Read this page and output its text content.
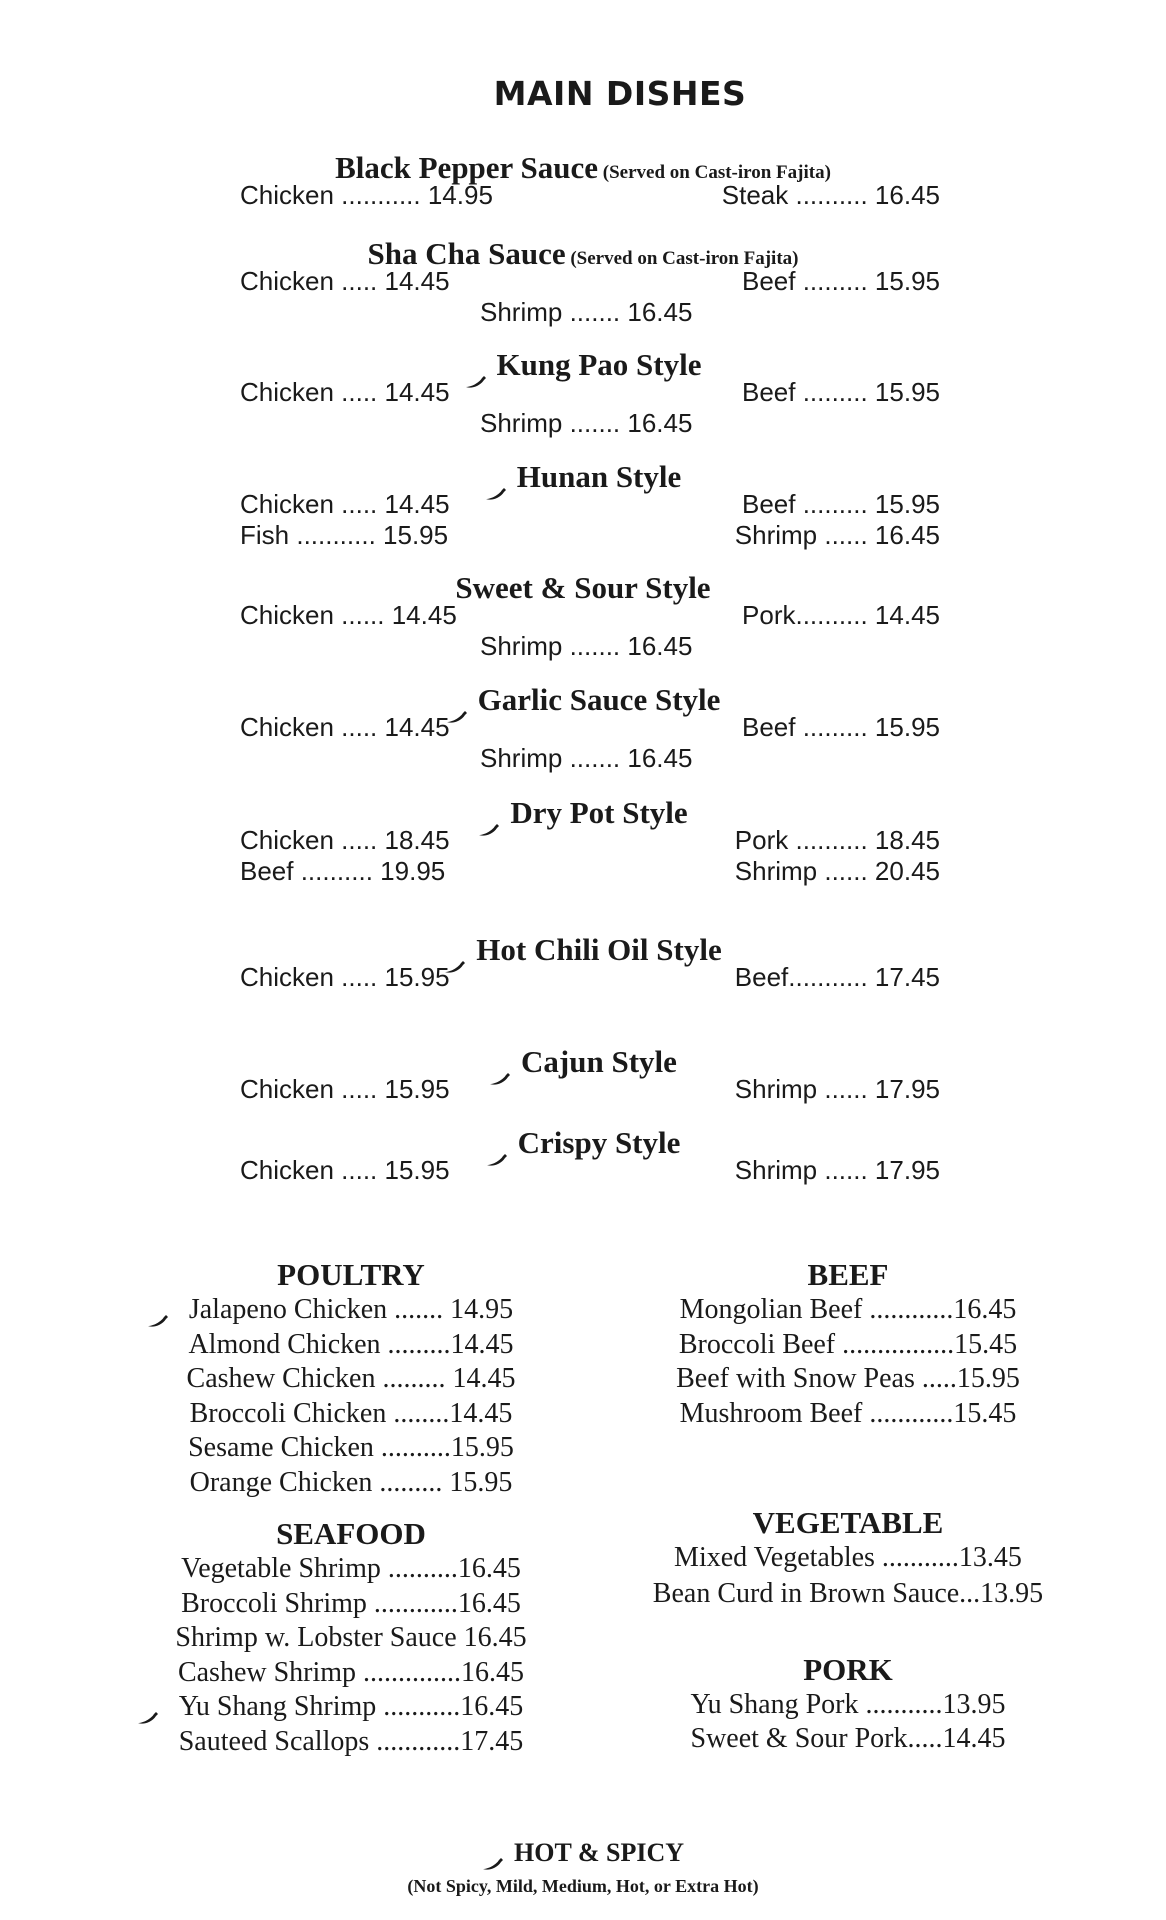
MAIN DISHES
Black Pepper Sauce (Served on Cast-iron Fajita)
Chicken ........... 14.95	Steak .......... 16.45
Sha Cha Sauce (Served on Cast-iron Fajita)
Chicken ..... 14.45	Beef ......... 15.95
Shrimp ....... 16.45
Kung Pao Style
Chicken ..... 14.45	Beef ......... 15.95
Shrimp ....... 16.45
Hunan Style
Chicken ..... 14.45	Beef ......... 15.95
Fish ........... 15.95	Shrimp ...... 16.45
Sweet & Sour Style
Chicken ...... 14.45	Pork.......... 14.45
Shrimp ....... 16.45
Garlic Sauce Style
Chicken ..... 14.45	Beef ......... 15.95
Shrimp ....... 16.45
Dry Pot Style
Chicken ..... 18.45	Pork .......... 18.45
Beef .......... 19.95	Shrimp ...... 20.45
Hot Chili Oil Style
Chicken ..... 15.95	Beef........... 17.45
Cajun Style
Chicken ..... 15.95	Shrimp ...... 17.95
Crispy Style
Chicken ..... 15.95	Shrimp ...... 17.95
POULTRY
Jalapeno Chicken ....... 14.95
Almond Chicken .........14.45
Cashew Chicken ......... 14.45
Broccoli Chicken ........14.45
Sesame Chicken ..........15.95
Orange Chicken ......... 15.95
SEAFOOD
Vegetable Shrimp ..........16.45
Broccoli Shrimp ............16.45
Shrimp w. Lobster Sauce 16.45
Cashew Shrimp ..............16.45
Yu Shang Shrimp ...........16.45
Sauteed Scallops ............17.45
BEEF
Mongolian Beef ............16.45
Broccoli Beef ................15.45
Beef with Snow Peas .....15.95
Mushroom Beef ............15.45
VEGETABLE
Mixed Vegetables ...........13.45
Bean Curd in Brown Sauce...13.95
PORK
Yu Shang Pork ...........13.95
Sweet & Sour Pork.....14.45
HOT & SPICY
(Not Spicy, Mild, Medium, Hot, or Extra Hot)
